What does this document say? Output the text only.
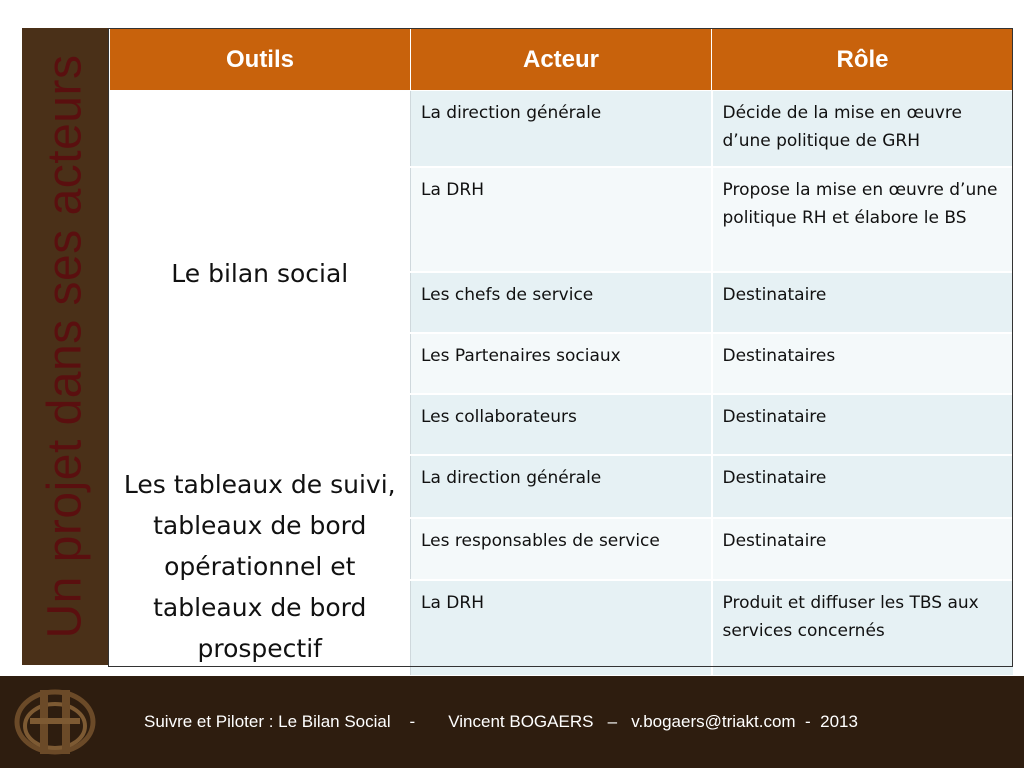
Un projet dans ses acteurs	Outils	Acteur	Rôle
Le bilan social	La direction générale	Décide de la mise en œuvre d’une politique de GRH
	La DRH	Propose la mise en œuvre d’une politique RH et élabore le BS
	Les chefs de service	Destinataire
	Les Partenaires sociaux	Destinataires
	Les collaborateurs	Destinataire
Les tableaux de suivi, tableaux de bord opérationnel et tableaux de bord prospectif	La direction générale	Destinataire
	Les responsables de service	Destinataire
	La DRH	Produit et diffuser les TBS aux services concernés
Suivre et Piloter : Le Bilan Social    -       Vincent BOGAERS   –   v.bogaers@triakt.com  -  2013
